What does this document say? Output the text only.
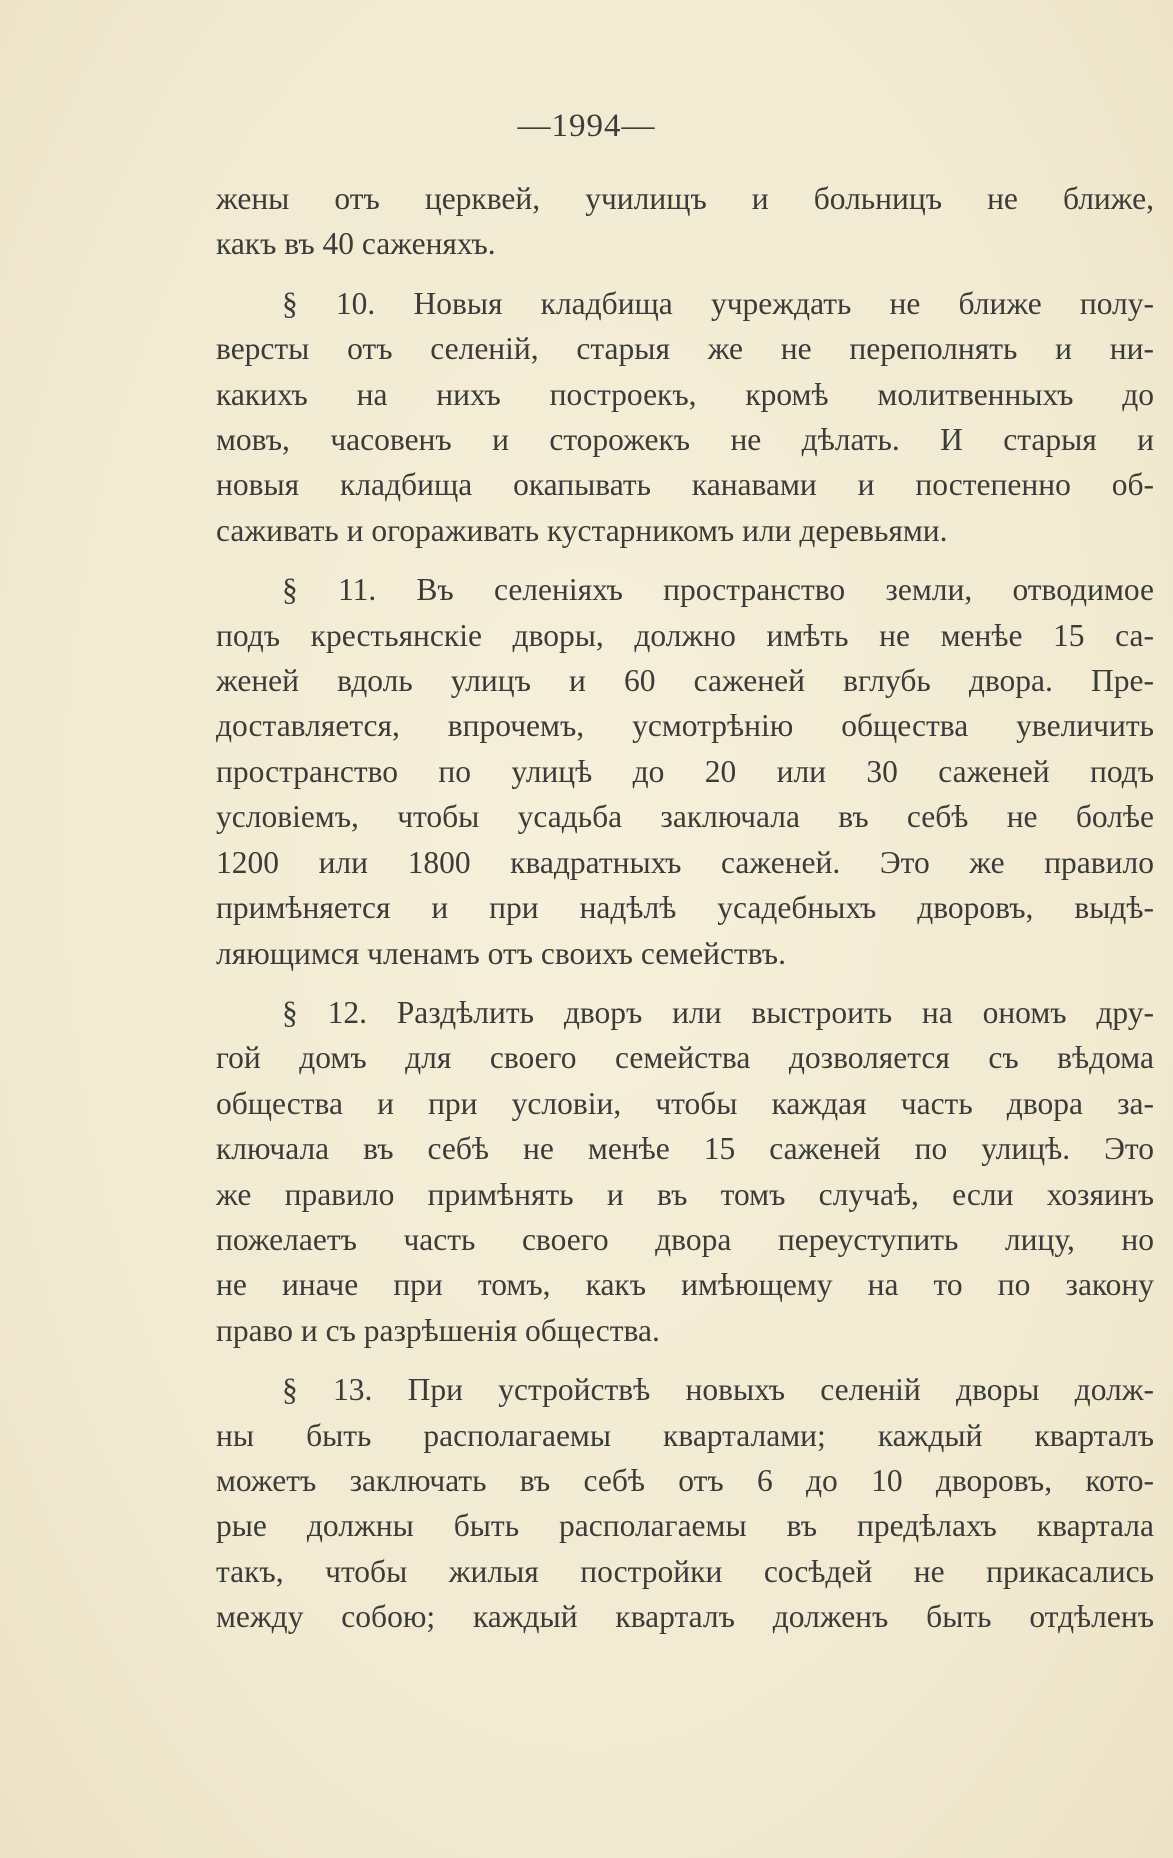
—1994—

жены отъ церквей, училищъ и больницъ не ближе,
какъ въ 40 саженяхъ.

§ 10. Новыя кладбища учреждать не ближе полу-
версты отъ селеній, старыя же не переполнять и ни-
какихъ на нихъ построекъ, кромѣ молитвенныхъ до
мовъ, часовенъ и сторожекъ не дѣлать. И старыя и
новыя кладбища окапывать канавами и постепенно об-
саживать и огораживать кустарникомъ или деревьями.

§ 11. Въ селеніяхъ пространство земли, отводимое
подъ крестьянскіе дворы, должно имѣть не менѣе 15 са-
женей вдоль улицъ и 60 саженей вглубь двора. Пре-
доставляется, впрочемъ, усмотрѣнію общества увеличить
пространство по улицѣ до 20 или 30 саженей подъ
условіемъ, чтобы усадьба заключала въ себѣ не болѣе
1200 или 1800 квадратныхъ саженей. Это же правило
примѣняется и при надѣлѣ усадебныхъ дворовъ, выдѣ-
ляющимся членамъ отъ своихъ семействъ.

§ 12. Раздѣлить дворъ или выстроить на ономъ дру-
гой домъ для своего семейства дозволяется съ вѣдома
общества и при условіи, чтобы каждая часть двора за-
ключала въ себѣ не менѣе 15 саженей по улицѣ. Это
же правило примѣнять и въ томъ случаѣ, если хозяинъ
пожелаетъ часть своего двора переуступить лицу, но
не иначе при томъ, какъ имѣющему на то по закону
право и съ разрѣшенія общества.

§ 13. При устройствѣ новыхъ селеній дворы долж-
ны быть располагаемы кварталами; каждый кварталъ
можетъ заключать въ себѣ отъ 6 до 10 дворовъ, кото-
рые должны быть располагаемы въ предѣлахъ квартала
такъ, чтобы жилыя постройки сосѣдей не прикасались
между собою; каждый кварталъ долженъ быть отдѣленъ
